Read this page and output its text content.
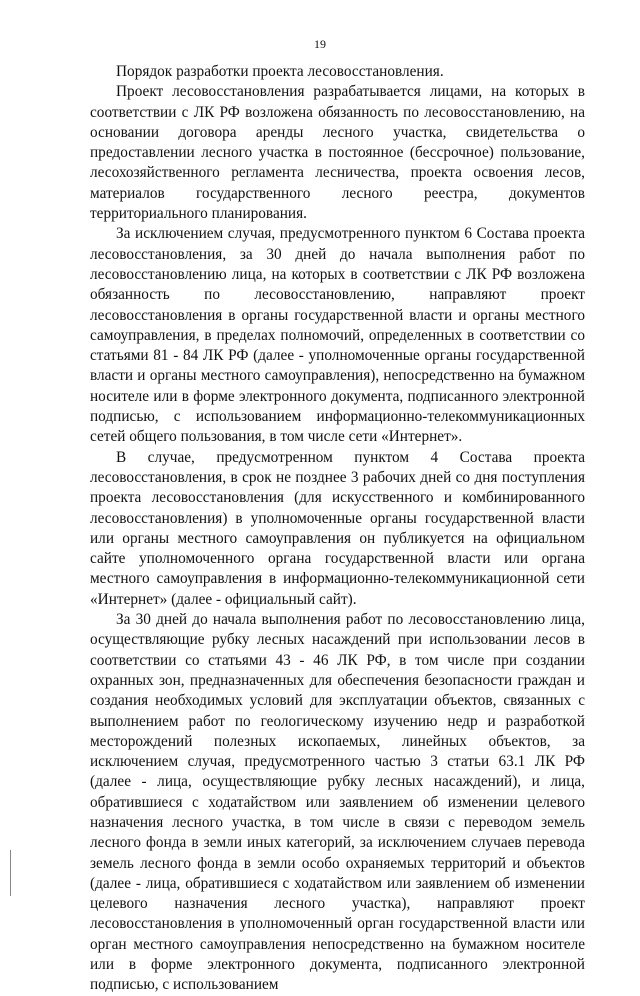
19

Порядок разработки проекта лесовосстановления.

Проект лесовосстановления разрабатывается лицами, на которых в соответствии с ЛК РФ возложена обязанность по лесовосстановлению, на основании договора аренды лесного участка, свидетельства о предоставлении лесного участка в постоянное (бессрочное) пользование, лесохозяйственного регламента лесничества, проекта освоения лесов, материалов государственного лесного реестра, документов территориального планирования.

За исключением случая, предусмотренного пунктом 6 Состава проекта лесовосстановления, за 30 дней до начала выполнения работ по лесовосстановлению лица, на которых в соответствии с ЛК РФ возложена обязанность по лесовосстановлению, направляют проект лесовосстановления в органы государственной власти и органы местного самоуправления, в пределах полномочий, определенных в соответствии со статьями 81 - 84 ЛК РФ (далее - уполномоченные органы государственной власти и органы местного самоуправления), непосредственно на бумажном носителе или в форме электронного документа, подписанного электронной подписью, с использованием информационно-телекоммуникационных сетей общего пользования, в том числе сети «Интернет».

В случае, предусмотренном пунктом 4 Состава проекта лесовосстановления, в срок не позднее 3 рабочих дней со дня поступления проекта лесовосстановления (для искусственного и комбинированного лесовосстановления) в уполномоченные органы государственной власти или органы местного самоуправления он публикуется на официальном сайте уполномоченного органа государственной власти или органа местного самоуправления в информационно-телекоммуникационной сети «Интернет» (далее - официальный сайт).

За 30 дней до начала выполнения работ по лесовосстановлению лица, осуществляющие рубку лесных насаждений при использовании лесов в соответствии со статьями 43 - 46 ЛК РФ, в том числе при создании охранных зон, предназначенных для обеспечения безопасности граждан и создания необходимых условий для эксплуатации объектов, связанных с выполнением работ по геологическому изучению недр и разработкой месторождений полезных ископаемых, линейных объектов, за исключением случая, предусмотренного частью 3 статьи 63.1 ЛК РФ (далее - лица, осуществляющие рубку лесных насаждений), и лица, обратившиеся с ходатайством или заявлением об изменении целевого назначения лесного участка, в том числе в связи с переводом земель лесного фонда в земли иных категорий, за исключением случаев перевода земель лесного фонда в земли особо охраняемых территорий и объектов (далее - лица, обратившиеся с ходатайством или заявлением об изменении целевого назначения лесного участка), направляют проект лесовосстановления в уполномоченный орган государственной власти или орган местного самоуправления непосредственно на бумажном носителе или в форме электронного документа, подписанного электронной подписью, с использованием
